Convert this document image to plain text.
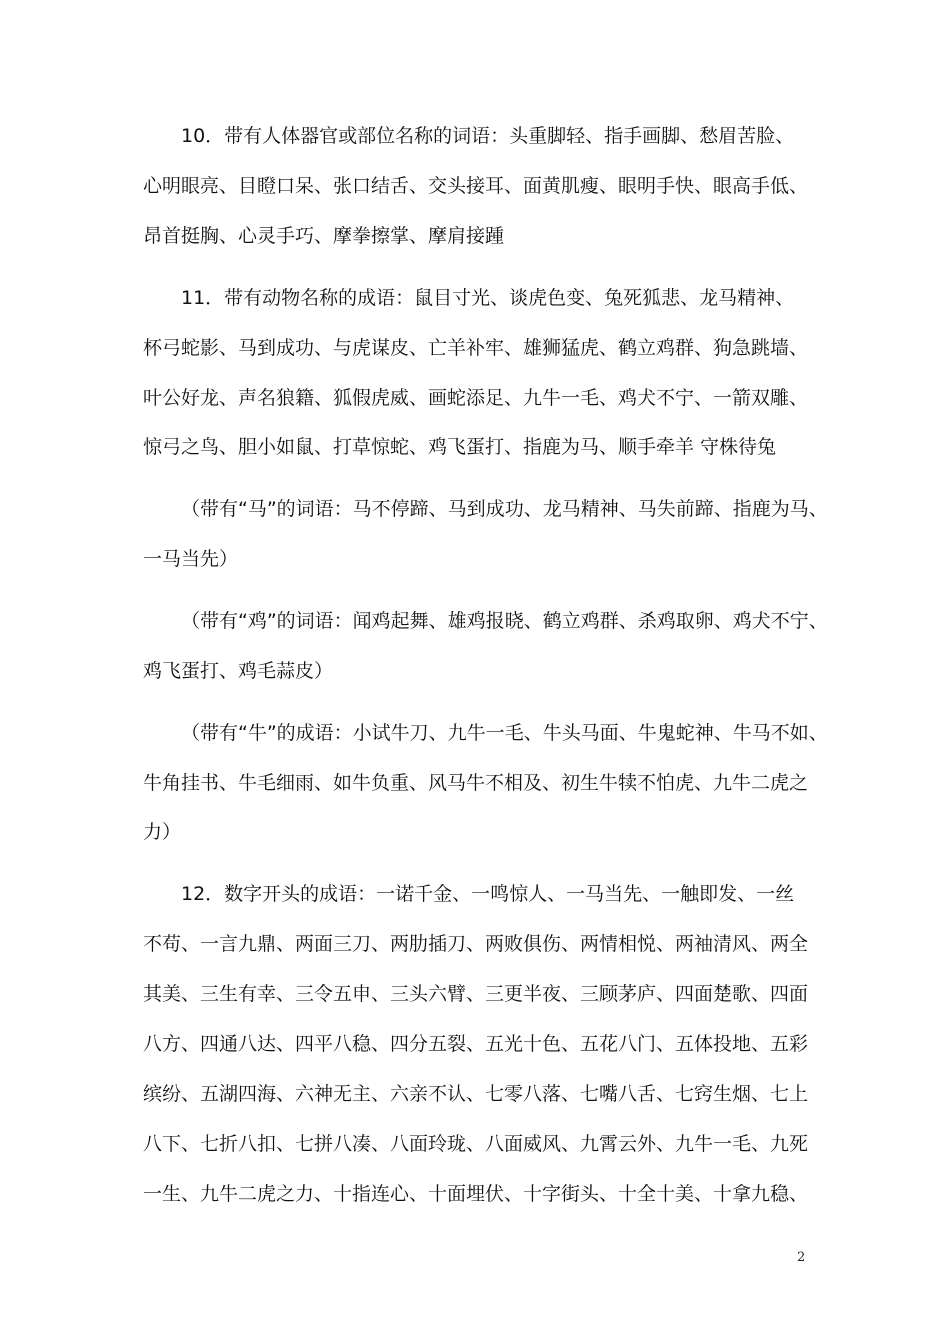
10．带有人体器官或部位名称的词语：头重脚轻、指手画脚、愁眉苦脸、
心明眼亮、目瞪口呆、张口结舌、交头接耳、面黄肌瘦、眼明手快、眼高手低、
昂首挺胸、心灵手巧、摩拳擦掌、摩肩接踵
11．带有动物名称的成语：鼠目寸光、谈虎色变、兔死狐悲、龙马精神、
杯弓蛇影、马到成功、与虎谋皮、亡羊补牢、雄狮猛虎、鹤立鸡群、狗急跳墙、
叶公好龙、声名狼籍、狐假虎威、画蛇添足、九牛一毛、鸡犬不宁、一箭双雕、
惊弓之鸟、胆小如鼠、打草惊蛇、鸡飞蛋打、指鹿为马、顺手牵羊 守株待兔
（带有“马”的词语：马不停蹄、马到成功、龙马精神、马失前蹄、指鹿为马、
一马当先）
（带有“鸡”的词语：闻鸡起舞、雄鸡报晓、鹤立鸡群、杀鸡取卵、鸡犬不宁、
鸡飞蛋打、鸡毛蒜皮）
（带有“牛”的成语：小试牛刀、九牛一毛、牛头马面、牛鬼蛇神、牛马不如、
牛角挂书、牛毛细雨、如牛负重、风马牛不相及、初生牛犊不怕虎、九牛二虎之
力）
12．数字开头的成语：一诺千金、一鸣惊人、一马当先、一触即发、一丝
不苟、一言九鼎、两面三刀、两肋插刀、两败俱伤、两情相悦、两袖清风、两全
其美、三生有幸、三令五申、三头六臂、三更半夜、三顾茅庐、四面楚歌、四面
八方、四通八达、四平八稳、四分五裂、五光十色、五花八门、五体投地、五彩
缤纷、五湖四海、六神无主、六亲不认、七零八落、七嘴八舌、七窍生烟、七上
八下、七折八扣、七拼八凑、八面玲珑、八面威风、九霄云外、九牛一毛、九死
一生、九牛二虎之力、十指连心、十面埋伏、十字街头、十全十美、十拿九稳、
2
